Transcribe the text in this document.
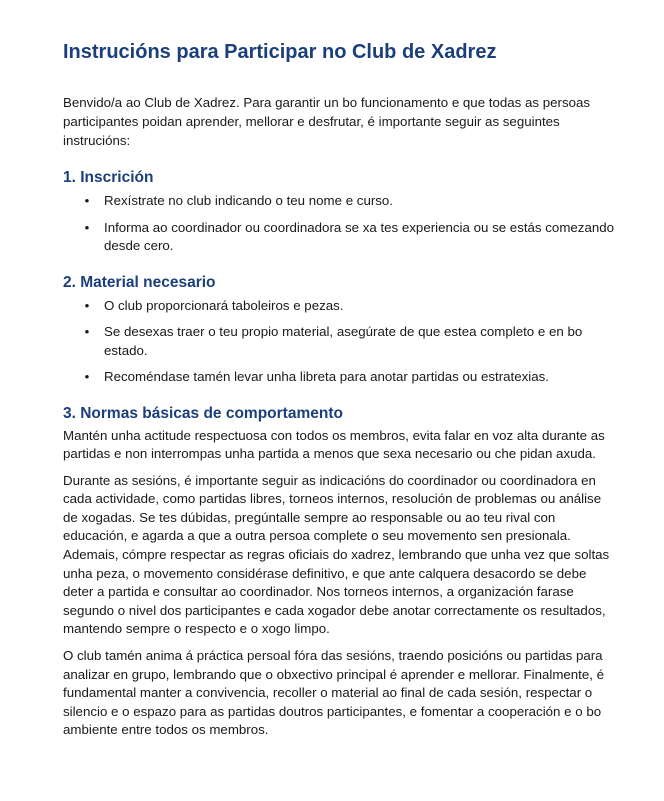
Instrucións para Participar no Club de Xadrez

Benvido/a ao Club de Xadrez. Para garantir un bo funcionamento e que todas as persoas participantes poidan aprender, mellorar e desfrutar, é importante seguir as seguintes instrucións:

1. Inscrición
• Rexístrate no club indicando o teu nome e curso.
• Informa ao coordinador ou coordinadora se xa tes experiencia ou se estás comezando desde cero.
2. Material necesario
• O club proporcionará taboleiros e pezas.
• Se desexas traer o teu propio material, asegúrate de que estea completo e en bo estado.
• Recoméndase tamén levar unha libreta para anotar partidas ou estratexias.
3. Normas básicas de comportamento

Mantén unha actitude respectuosa con todos os membros, evita falar en voz alta durante as partidas e non interrompas unha partida a menos que sexa necesario ou che pidan axuda.

Durante as sesións, é importante seguir as indicacións do coordinador ou coordinadora en cada actividade, como partidas libres, torneos internos, resolución de problemas ou análise de xogadas. Se tes dúbidas, pregúntalle sempre ao responsable ou ao teu rival con educación, e agarda a que a outra persoa complete o seu movemento sen presionala. Ademais, cómpre respectar as regras oficiais do xadrez, lembrando que unha vez que soltas unha peza, o movemento considérase definitivo, e que ante calquera desacordo se debe deter a partida e consultar ao coordinador. Nos torneos internos, a organización farase segundo o nivel dos participantes e cada xogador debe anotar correctamente os resultados, mantendo sempre o respecto e o xogo limpo.

O club tamén anima á práctica persoal fóra das sesións, traendo posicións ou partidas para analizar en grupo, lembrando que o obxectivo principal é aprender e mellorar. Finalmente, é fundamental manter a convivencia, recoller o material ao final de cada sesión, respectar o silencio e o espazo para as partidas doutros participantes, e fomentar a cooperación e o bo ambiente entre todos os membros.
